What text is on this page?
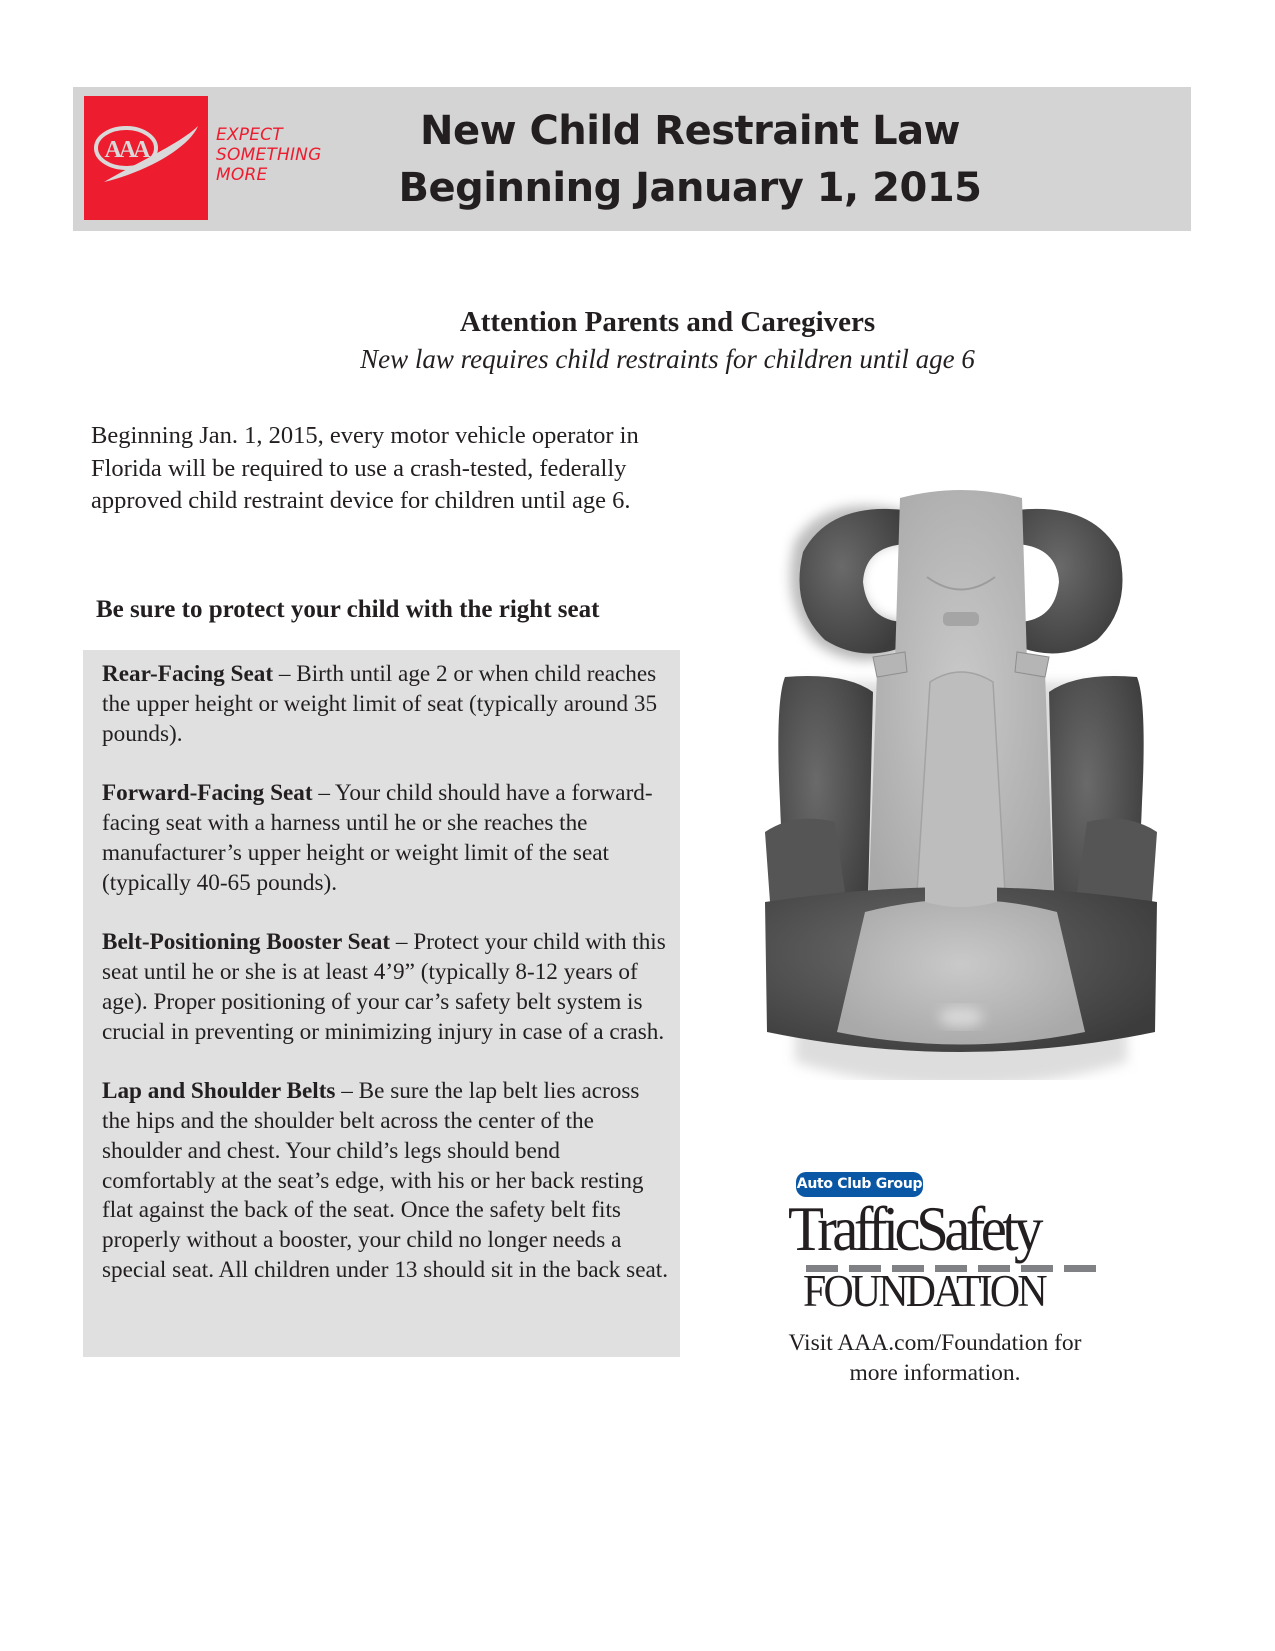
AAA
EXPECT
SOMETHING
MORE
New Child Restraint Law
Beginning January 1, 2015
Attention Parents and Caregivers

New law requires child restraints for children until age 6

Beginning Jan. 1, 2015, every motor vehicle operator in Florida will be required to use a crash-tested, federally approved child restraint device for children until age 6.
Be sure to protect your child with the right seat

Rear-Facing Seat – Birth until age 2 or when child reaches the upper height or weight limit of seat (typically around 35 pounds).

Forward-Facing Seat – Your child should have a forward-facing seat with a harness until he or she reaches the manufacturer’s upper height or weight limit of the seat (typically 40-65 pounds).

Belt-Positioning Booster Seat – Protect your child with this seat until he or she is at least 4’9” (typically 8-12 years of age). Proper positioning of your car’s safety belt system is crucial in preventing or minimizing injury in case of a crash.

Lap and Shoulder Belts – Be sure the lap belt lies across the hips and the shoulder belt across the center of the shoulder and chest. Your child’s legs should bend comfortably at the seat’s edge, with his or her back resting flat against the back of the seat. Once the safety belt fits properly without a booster, your child no longer needs a special seat. All children under 13 should sit in the back seat.

Auto Club Group
TrafficSafety
FOUNDATION
Visit AAA.com/Foundation for
more information.
